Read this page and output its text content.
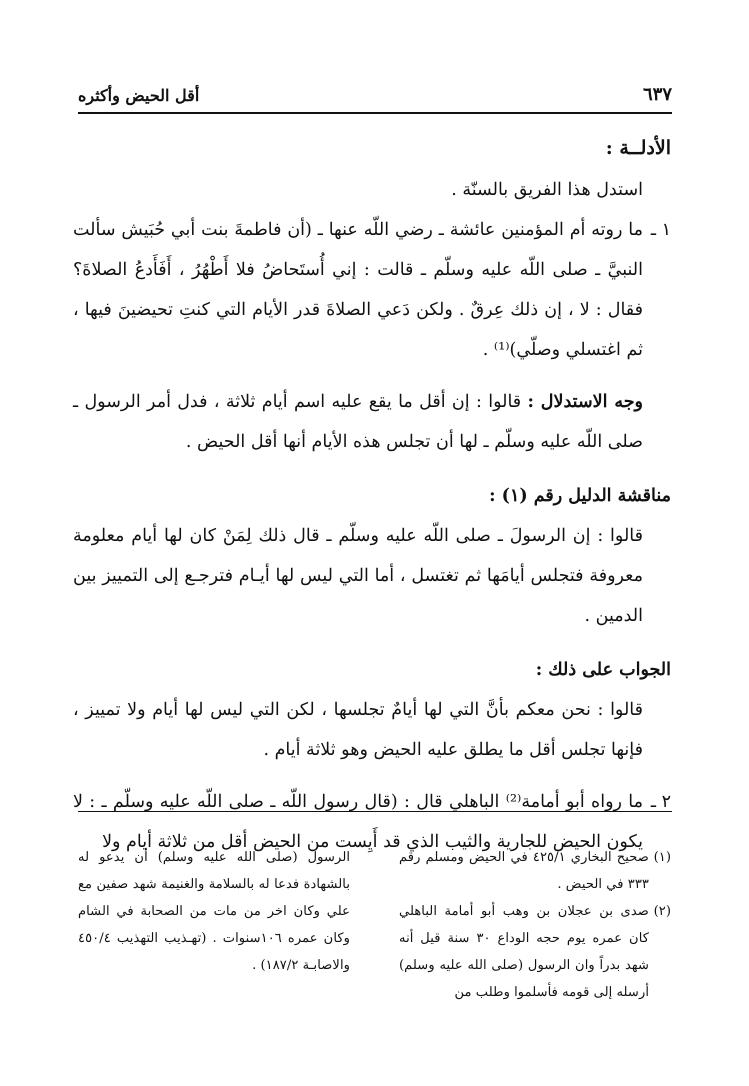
أقل الحيض وأكثره	٦٣٧

الأدلــة :

استدل هذا الفريق بالسنّة .

١ ـ

ما روته أم المؤمنين عائشة ـ رضي اللّه عنها ـ (أن فاطمةَ بنت أبي حُبَيش سألت النبيَّ ـ صلى اللّه عليه وسلّم ـ قالت : إني أُستَحاضُ فلا أَطْهُرُ ، أَفَأَدعُ الصلاةَ؟ فقال : لا ، إن ذلك عِرقٌ . ولكن دَعي الصلاةَ قدر الأيام التي كنتِ تحيضينَ فيها ، ثم اغتسلي وصلّي)⁽¹⁾ .

وجه الاستدلال : قالوا : إن أقل ما يقع عليه اسم أيام ثلاثة ، فدل أمر الرسول ـ صلى اللّه عليه وسلّم ـ لها أن تجلس هذه الأيام أنها أقل الحيض .

مناقشة الدليل رقم (١) :

قالوا : إن الرسولَ ـ صلى اللّه عليه وسلّم ـ قال ذلك لِمَنْ كان لها أيام معلومة معروفة فتجلس أيامَها ثم تغتسل ، أما التي ليس لها أيـام فترجـع إلى التمييز بين الدمين .

الجواب على ذلك :

قالوا : نحن معكم بأنَّ التي لها أيامٌ تجلسها ، لكن التي ليس لها أيام ولا تمييز ، فإنها تجلس أقل ما يطلق عليه الحيض وهو ثلاثة أيام .

٢ ـ

ما رواه أبو أمامة⁽²⁾ الباهلي قال : (قال رسول اللّه ـ صلى اللّه عليه وسلّم ـ : لا يكون الحيض للجارية والثيب الذي قد أَيِست من الحيض أقل من ثلاثة أيام ولا

(١)

صحيح البخاري ٤٢٥/١ في الحيض ومسلم رقم ٣٣٣ في الحيض .

(٢)

صدى بن عجلان بن وهب أبو أمامة الباهلي كان عمره يوم حجه الوداع ٣٠ سنة قيل أنه شهد بدراً وان الرسول (صلى الله عليه وسلم) أرسله إلى قومه فأسلموا وطلب من

الرسول (صلى الله عليه وسلم) أن يدعو له بالشهادة فدعا له بالسلامة والغنيمة شهد صفين مع علي وكان اخر من مات من الصحابة في الشام وكان عمره ١٠٦سنوات . (تهـذيب التهذيب ٤٥٠/٤ والاصابـة ١٨٧/٢) .
